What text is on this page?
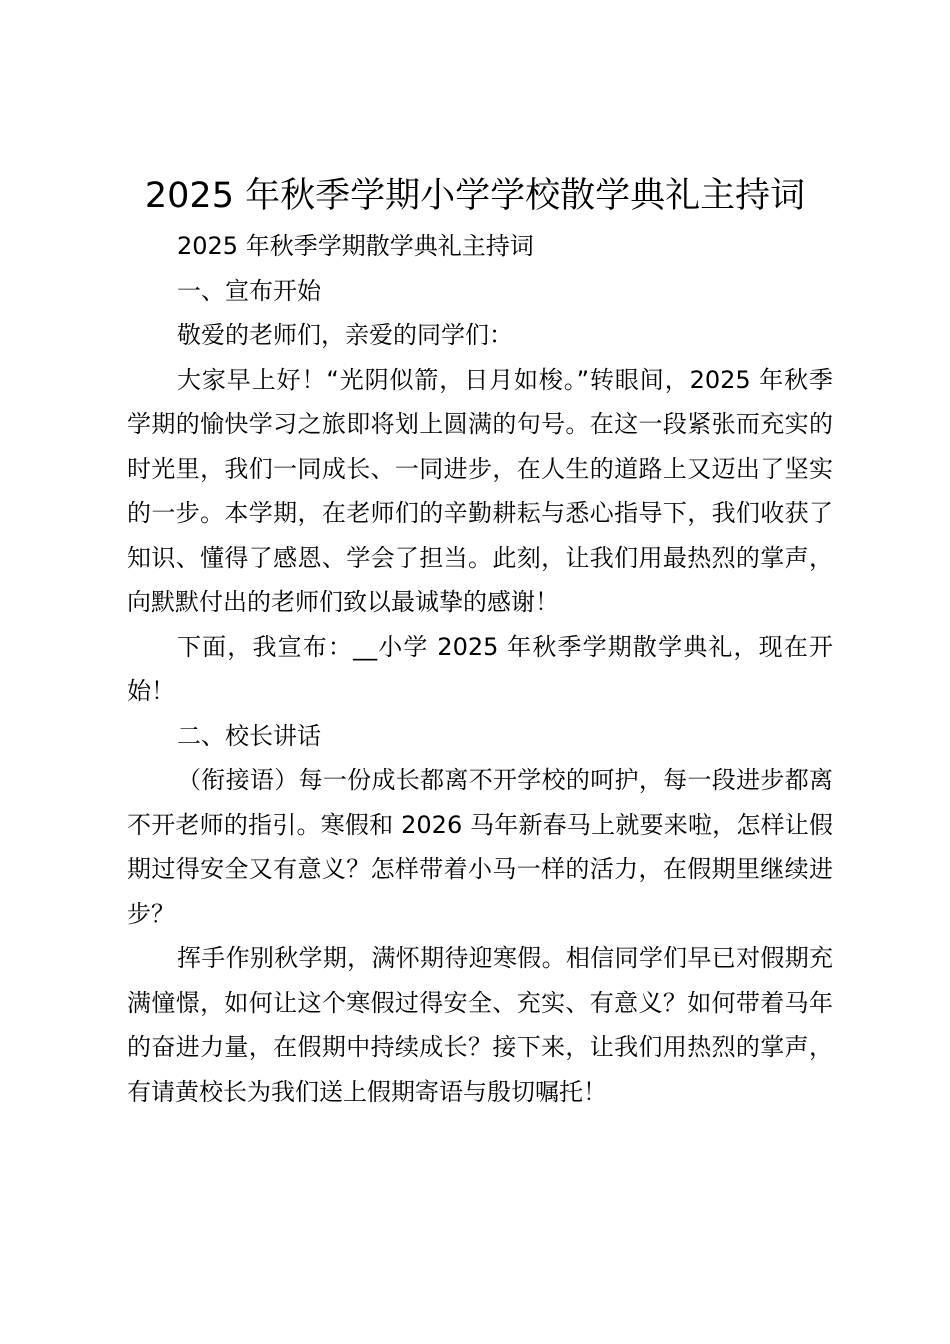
2025 年秋季学期小学学校散学典礼主持词

2025 年秋季学期散学典礼主持词

一、宣布开始

敬爱的老师们，亲爱的同学们：

大家早上好！“光阴似箭，日月如梭。”转眼间，2025 年秋季学期的愉快学习之旅即将划上圆满的句号。在这一段紧张而充实的时光里，我们一同成长、一同进步，在人生的道路上又迈出了坚实的一步。本学期，在老师们的辛勤耕耘与悉心指导下，我们收获了知识、懂得了感恩、学会了担当。此刻，让我们用最热烈的掌声，向默默付出的老师们致以最诚挚的感谢！

下面，我宣布：__小学 2025 年秋季学期散学典礼，现在开始！

二、校长讲话

（衔接语）每一份成长都离不开学校的呵护，每一段进步都离不开老师的指引。寒假和 2026 马年新春马上就要来啦，怎样让假期过得安全又有意义？怎样带着小马一样的活力，在假期里继续进步？

挥手作别秋学期，满怀期待迎寒假。相信同学们早已对假期充满憧憬，如何让这个寒假过得安全、充实、有意义？如何带着马年的奋进力量，在假期中持续成长？接下来，让我们用热烈的掌声，有请黄校长为我们送上假期寄语与殷切嘱托！
